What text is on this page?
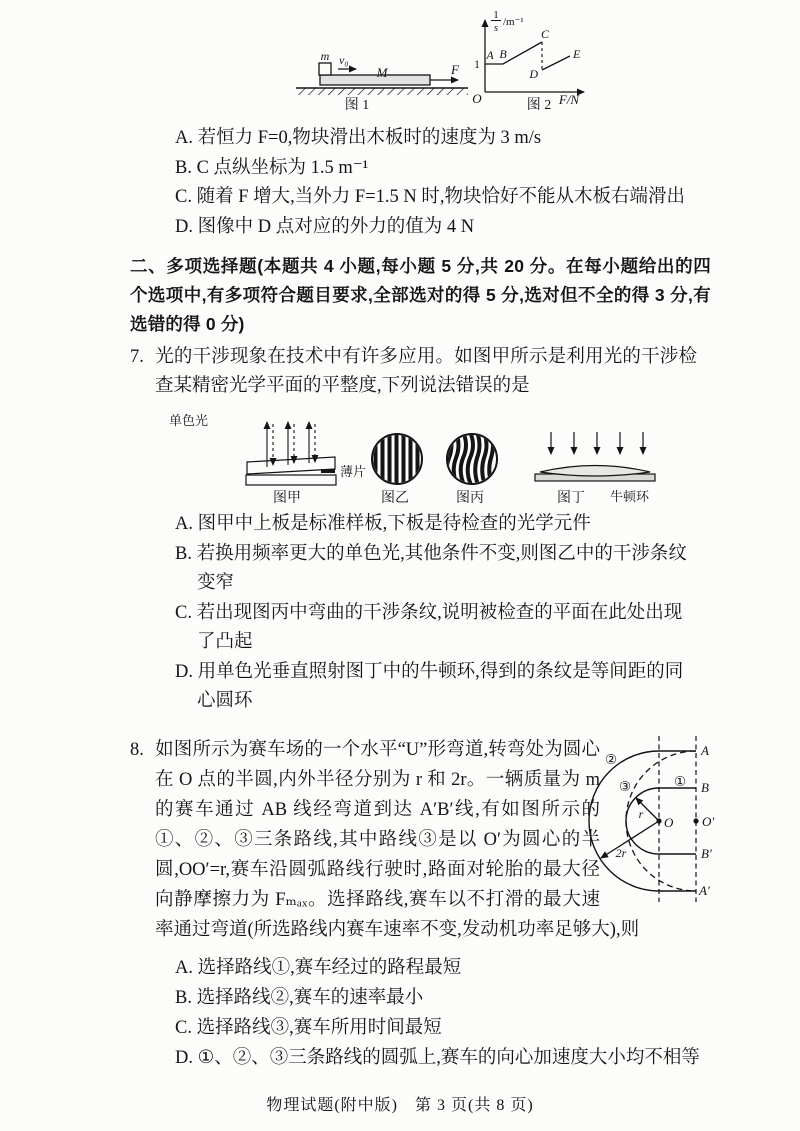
m v₀
M	F
图 1
1
s /m⁻¹
1
O	F/N
A B
C
D
E
图 2

A. 若恒力 F=0,物块滑出木板时的速度为 3 m/s

B. C 点纵坐标为 1.5 m⁻¹

C. 随着 F 增大,当外力 F=1.5 N 时,物块恰好不能从木板右端滑出

D. 图像中 D 点对应的外力的值为 4 N

二、多项选择题(本题共 4 小题,每小题 5 分,共 20 分。在每小题给出的四个选项中,有多项符合题目要求,全部选对的得 5 分,选对但不全的得 3 分,有选错的得 0 分)

7. 光的干涉现象在技术中有许多应用。如图甲所示是利用光的干涉检查某精密光学平面的平整度,下列说法错误的是

单色光
薄片
图甲	图乙	图丙	图丁 牛顿环

A. 图甲中上板是标准样板,下板是待检查的光学元件

B. 若换用频率更大的单色光,其他条件不变,则图乙中的干涉条纹变窄

C. 若出现图丙中弯曲的干涉条纹,说明被检查的平面在此处出现了凸起

D. 用单色光垂直照射图丁中的牛顿环,得到的条纹是等间距的同心圆环

r
2r
①
②
③
A
B
O O′
B′
A′
8. 如图所示为赛车场的一个水平“U”形弯道,转弯处为圆心在 O 点的半圆,内外半径分别为 r 和 2r。一辆质量为 m 的赛车通过 AB 线经弯道到达 A′B′线,有如图所示的①、②、③三条路线,其中路线③是以 O′为圆心的半圆,OO′=r,赛车沿圆弧路线行驶时,路面对轮胎的最大径向静摩擦力为 Fₘₐₓ。选择路线,赛车以不打滑的最大速率通过弯道(所选路线内赛车速率不变,发动机功率足够大),则

A. 选择路线①,赛车经过的路程最短

B. 选择路线②,赛车的速率最小

C. 选择路线③,赛车所用时间最短

D. ①、②、③三条路线的圆弧上,赛车的向心加速度大小均不相等

物理试题(附中版)　第 3 页(共 8 页)
